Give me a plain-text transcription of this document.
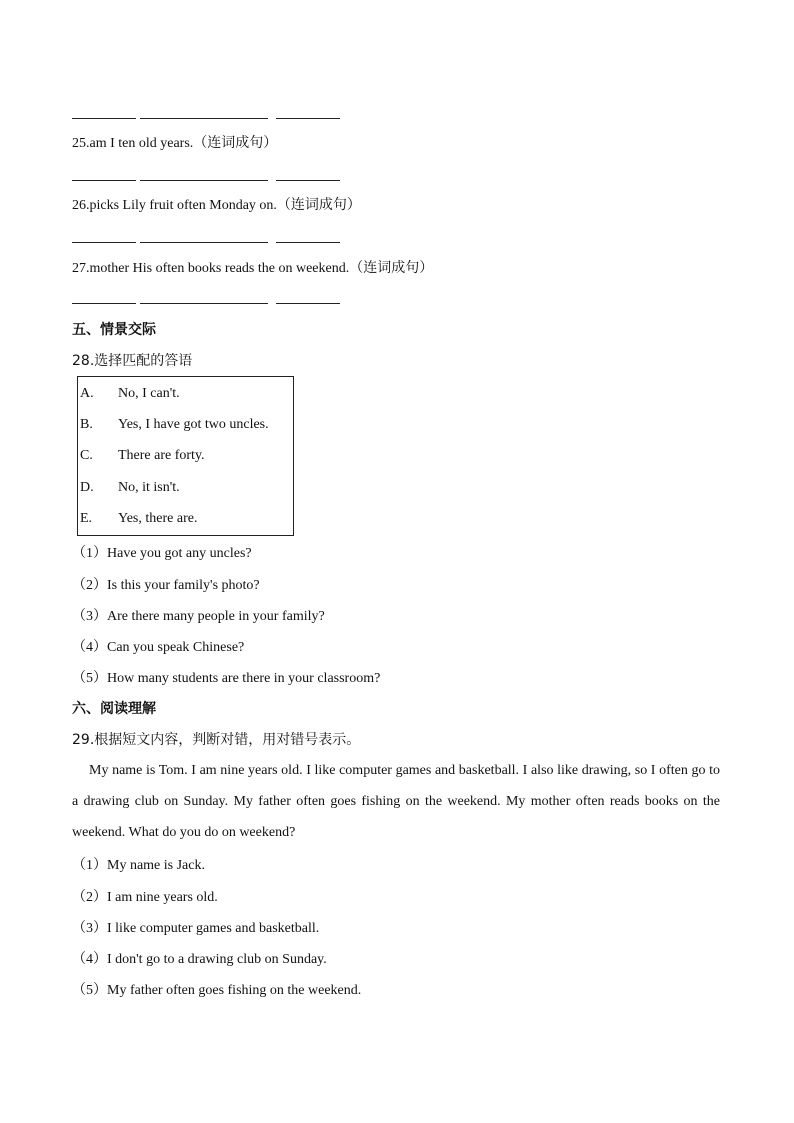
25.am I ten old years.（连词成句）
26.picks Lily fruit often Monday on.（连词成句）
27.mother His often books reads the on weekend.（连词成句）
五、情景交际
28.选择匹配的答语
A. No, I can't.
B. Yes, I have got two uncles.
C. There are forty.
D. No, it isn't.
E. Yes, there are.
（1）Have you got any uncles?
（2）Is this your family's photo?
（3）Are there many people in your family?
（4）Can you speak Chinese?
（5）How many students are there in your classroom?
六、阅读理解
29.根据短文内容，判断对错，用对错号表示。

My name is Tom. I am nine years old. I like computer games and basketball. I also like drawing, so I often go to a drawing club on Sunday. My father often goes fishing on the weekend. My mother often reads books on the weekend. What do you do on weekend?

（1）My name is Jack.
（2）I am nine years old.
（3）I like computer games and basketball.
（4）I don't go to a drawing club on Sunday.
（5）My father often goes fishing on the weekend.
